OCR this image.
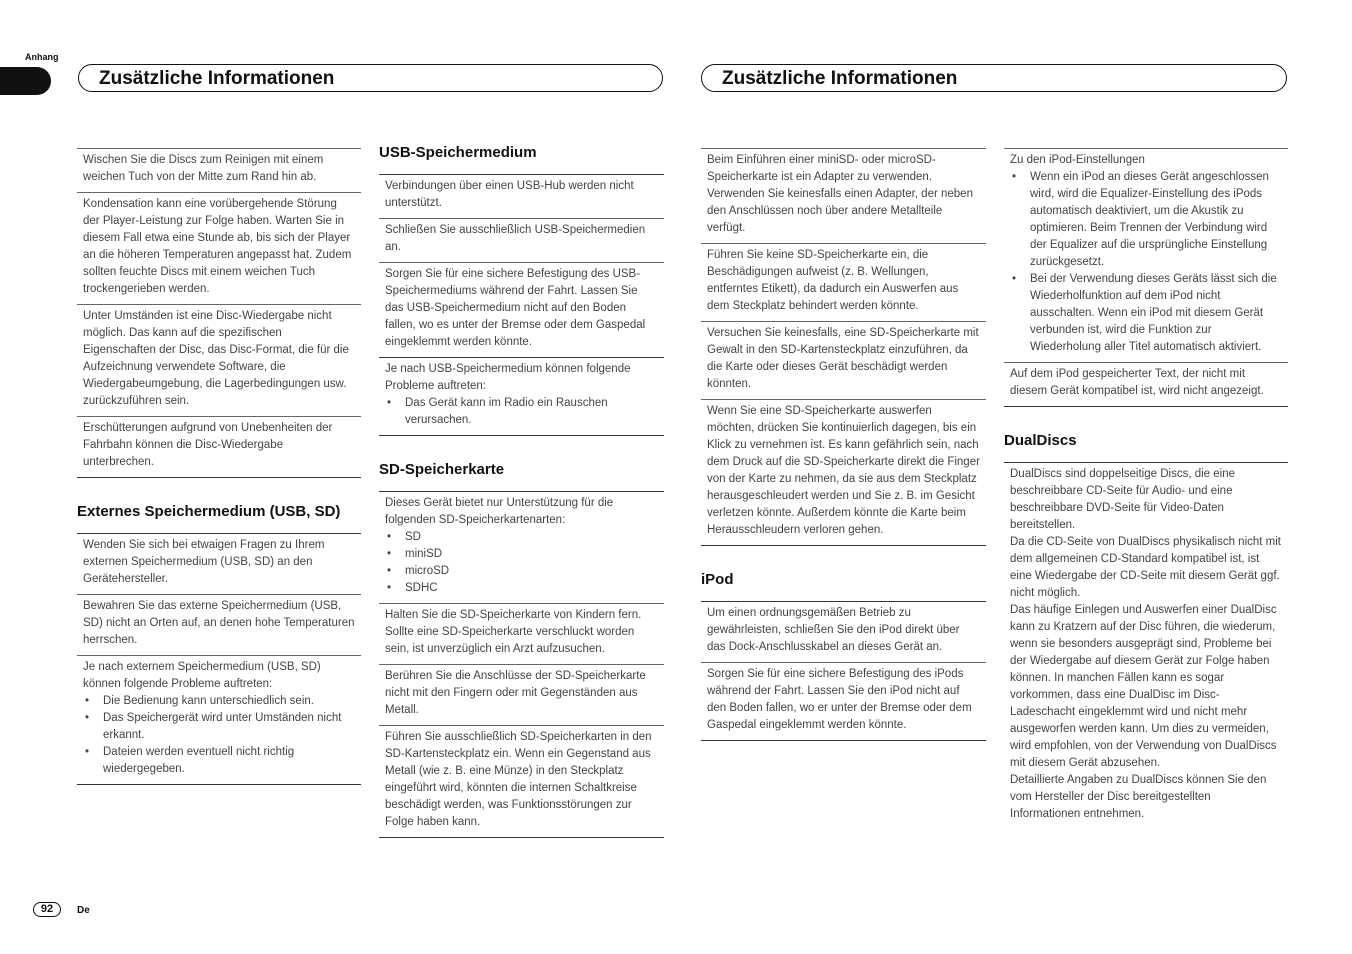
Anhang
Zusätzliche Informationen	Zusätzliche Informationen
Wischen Sie die Discs zum Reinigen mit einem weichen Tuch von der Mitte zum Rand hin ab.
Kondensation kann eine vorübergehende Störung der Player-Leistung zur Folge haben. Warten Sie in diesem Fall etwa eine Stunde ab, bis sich der Player an die höheren Temperaturen angepasst hat. Zudem sollten feuchte Discs mit einem weichen Tuch trockengerieben werden.
Unter Umständen ist eine Disc-Wiedergabe nicht möglich. Das kann auf die spezifischen Eigenschaften der Disc, das Disc-Format, die für die Aufzeichnung verwendete Software, die Wiedergabeumgebung, die Lagerbedingungen usw. zurückzuführen sein.
Erschütterungen aufgrund von Unebenheiten der Fahrbahn können die Disc-Wiedergabe unterbrechen.
Externes Speichermedium (USB, SD)
Wenden Sie sich bei etwaigen Fragen zu Ihrem externen Speichermedium (USB, SD) an den Gerätehersteller.
Bewahren Sie das externe Speichermedium (USB, SD) nicht an Orten auf, an denen hohe Temperaturen herrschen.
Je nach externem Speichermedium (USB, SD) können folgende Probleme auftreten:
• Die Bedienung kann unterschiedlich sein.
• Das Speichergerät wird unter Umständen nicht erkannt.
• Dateien werden eventuell nicht richtig wiedergegeben.
USB-Speichermedium
Verbindungen über einen USB-Hub werden nicht unterstützt.
Schließen Sie ausschließlich USB-Speichermedien an.
Sorgen Sie für eine sichere Befestigung des USB-Speichermediums während der Fahrt. Lassen Sie das USB-Speichermedium nicht auf den Boden fallen, wo es unter der Bremse oder dem Gaspedal eingeklemmt werden könnte.
Je nach USB-Speichermedium können folgende Probleme auftreten:
• Das Gerät kann im Radio ein Rauschen verursachen.
SD-Speicherkarte
Dieses Gerät bietet nur Unterstützung für die folgenden SD-Speicherkartenarten:
• SD
• miniSD
• microSD
• SDHC
Halten Sie die SD-Speicherkarte von Kindern fern. Sollte eine SD-Speicherkarte verschluckt worden sein, ist unverzüglich ein Arzt aufzusuchen.
Berühren Sie die Anschlüsse der SD-Speicherkarte nicht mit den Fingern oder mit Gegenständen aus Metall.
Führen Sie ausschließlich SD-Speicherkarten in den SD-Kartensteckplatz ein. Wenn ein Gegenstand aus Metall (wie z. B. eine Münze) in den Steckplatz eingeführt wird, könnten die internen Schaltkreise beschädigt werden, was Funktionsstörungen zur Folge haben kann.
Beim Einführen einer miniSD- oder microSD-Speicherkarte ist ein Adapter zu verwenden. Verwenden Sie keinesfalls einen Adapter, der neben den Anschlüssen noch über andere Metallteile verfügt.
Führen Sie keine SD-Speicherkarte ein, die Beschädigungen aufweist (z. B. Wellungen, entferntes Etikett), da dadurch ein Auswerfen aus dem Steckplatz behindert werden könnte.
Versuchen Sie keinesfalls, eine SD-Speicherkarte mit Gewalt in den SD-Kartensteckplatz einzuführen, da die Karte oder dieses Gerät beschädigt werden könnten.
Wenn Sie eine SD-Speicherkarte auswerfen möchten, drücken Sie kontinuierlich dagegen, bis ein Klick zu vernehmen ist. Es kann gefährlich sein, nach dem Druck auf die SD-Speicherkarte direkt die Finger von der Karte zu nehmen, da sie aus dem Steckplatz herausgeschleudert werden und Sie z. B. im Gesicht verletzen könnte. Außerdem könnte die Karte beim Herausschleudern verloren gehen.
iPod
Um einen ordnungsgemäßen Betrieb zu gewährleisten, schließen Sie den iPod direkt über das Dock-Anschlusskabel an dieses Gerät an.
Sorgen Sie für eine sichere Befestigung des iPods während der Fahrt. Lassen Sie den iPod nicht auf den Boden fallen, wo er unter der Bremse oder dem Gaspedal eingeklemmt werden könnte.
Zu den iPod-Einstellungen
• Wenn ein iPod an dieses Gerät angeschlossen wird, wird die Equalizer-Einstellung des iPods automatisch deaktiviert, um die Akustik zu optimieren. Beim Trennen der Verbindung wird der Equalizer auf die ursprüngliche Einstellung zurückgesetzt.
• Bei der Verwendung dieses Geräts lässt sich die Wiederholfunktion auf dem iPod nicht ausschalten. Wenn ein iPod mit diesem Gerät verbunden ist, wird die Funktion zur Wiederholung aller Titel automatisch aktiviert.
Auf dem iPod gespeicherter Text, der nicht mit diesem Gerät kompatibel ist, wird nicht angezeigt.
DualDiscs

DualDiscs sind doppelseitige Discs, die eine beschreibbare CD-Seite für Audio- und eine beschreibbare DVD-Seite für Video-Daten bereitstellen.

Da die CD-Seite von DualDiscs physikalisch nicht mit dem allgemeinen CD-Standard kompatibel ist, ist eine Wiedergabe der CD-Seite mit diesem Gerät ggf. nicht möglich.

Das häufige Einlegen und Auswerfen einer DualDisc kann zu Kratzern auf der Disc führen, die wiederum, wenn sie besonders ausgeprägt sind, Probleme bei der Wiedergabe auf diesem Gerät zur Folge haben können. In manchen Fällen kann es sogar vorkommen, dass eine DualDisc im Disc-Ladeschacht eingeklemmt wird und nicht mehr ausgeworfen werden kann. Um dies zu vermeiden, wird empfohlen, von der Verwendung von DualDiscs mit diesem Gerät abzusehen.

Detaillierte Angaben zu DualDiscs können Sie den vom Hersteller der Disc bereitgestellten Informationen entnehmen.

92	De
